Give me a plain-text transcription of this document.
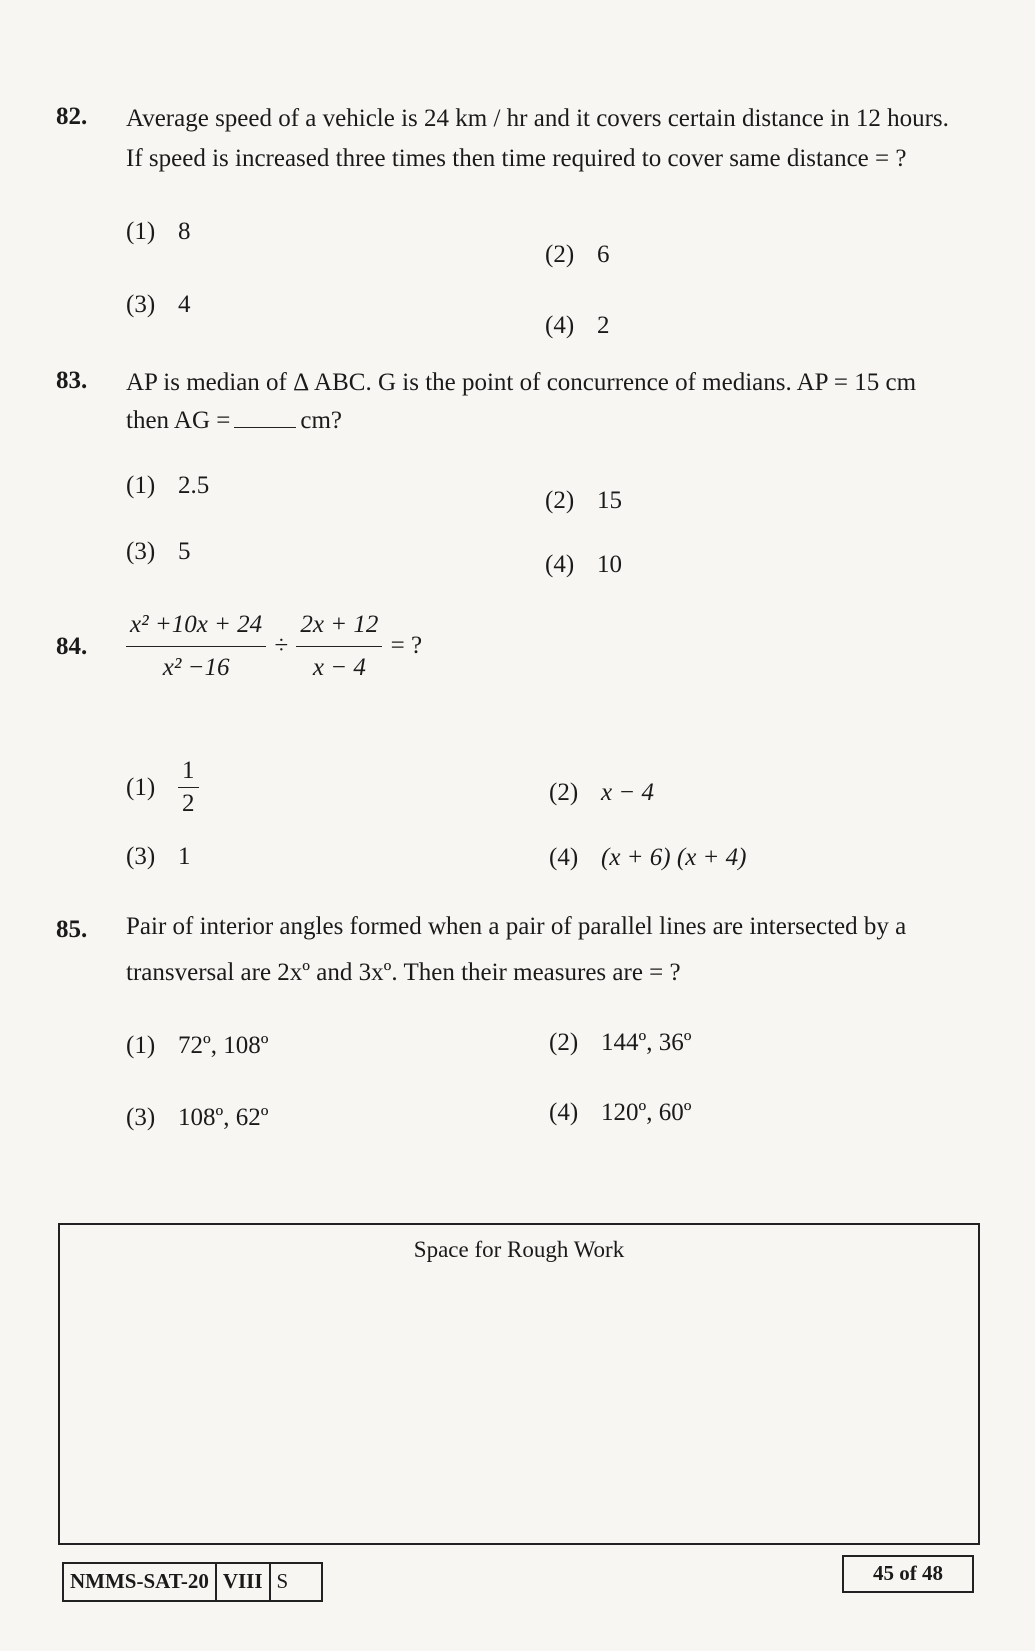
82. Average speed of a vehicle is 24 km / hr and it covers certain distance in 12 hours.
If speed is increased three times then time required to cover same distance = ?
(1) 8
(2) 6
(3) 4
(4) 2
83. AP is median of Δ ABC. G is the point of concurrence of medians. AP = 15 cm
then AG =	cm?
(1) 2.5
(2) 15
(3) 5	(4) 10
84. $\frac{\text{x² +10x + 24}}{\text{x² −16}} \div \frac{2x + 12}{x - 4}$ = ?
$(1) \frac{1}{2}$	(2) x − 4
(3) 1	(4) (x + 6) (x + 4)
85. Pair of interior angles formed when a pair of parallel lines are intersected by a
transversal are 2xº and 3xº. Then their measures are = ?
(1) 72º, 108º	(2) 144º, 36º
(3) 108º, 62º	(4) 120º, 60º
Space for Rough Work
NMMS-SAT-20 VIII S	45 of 48
